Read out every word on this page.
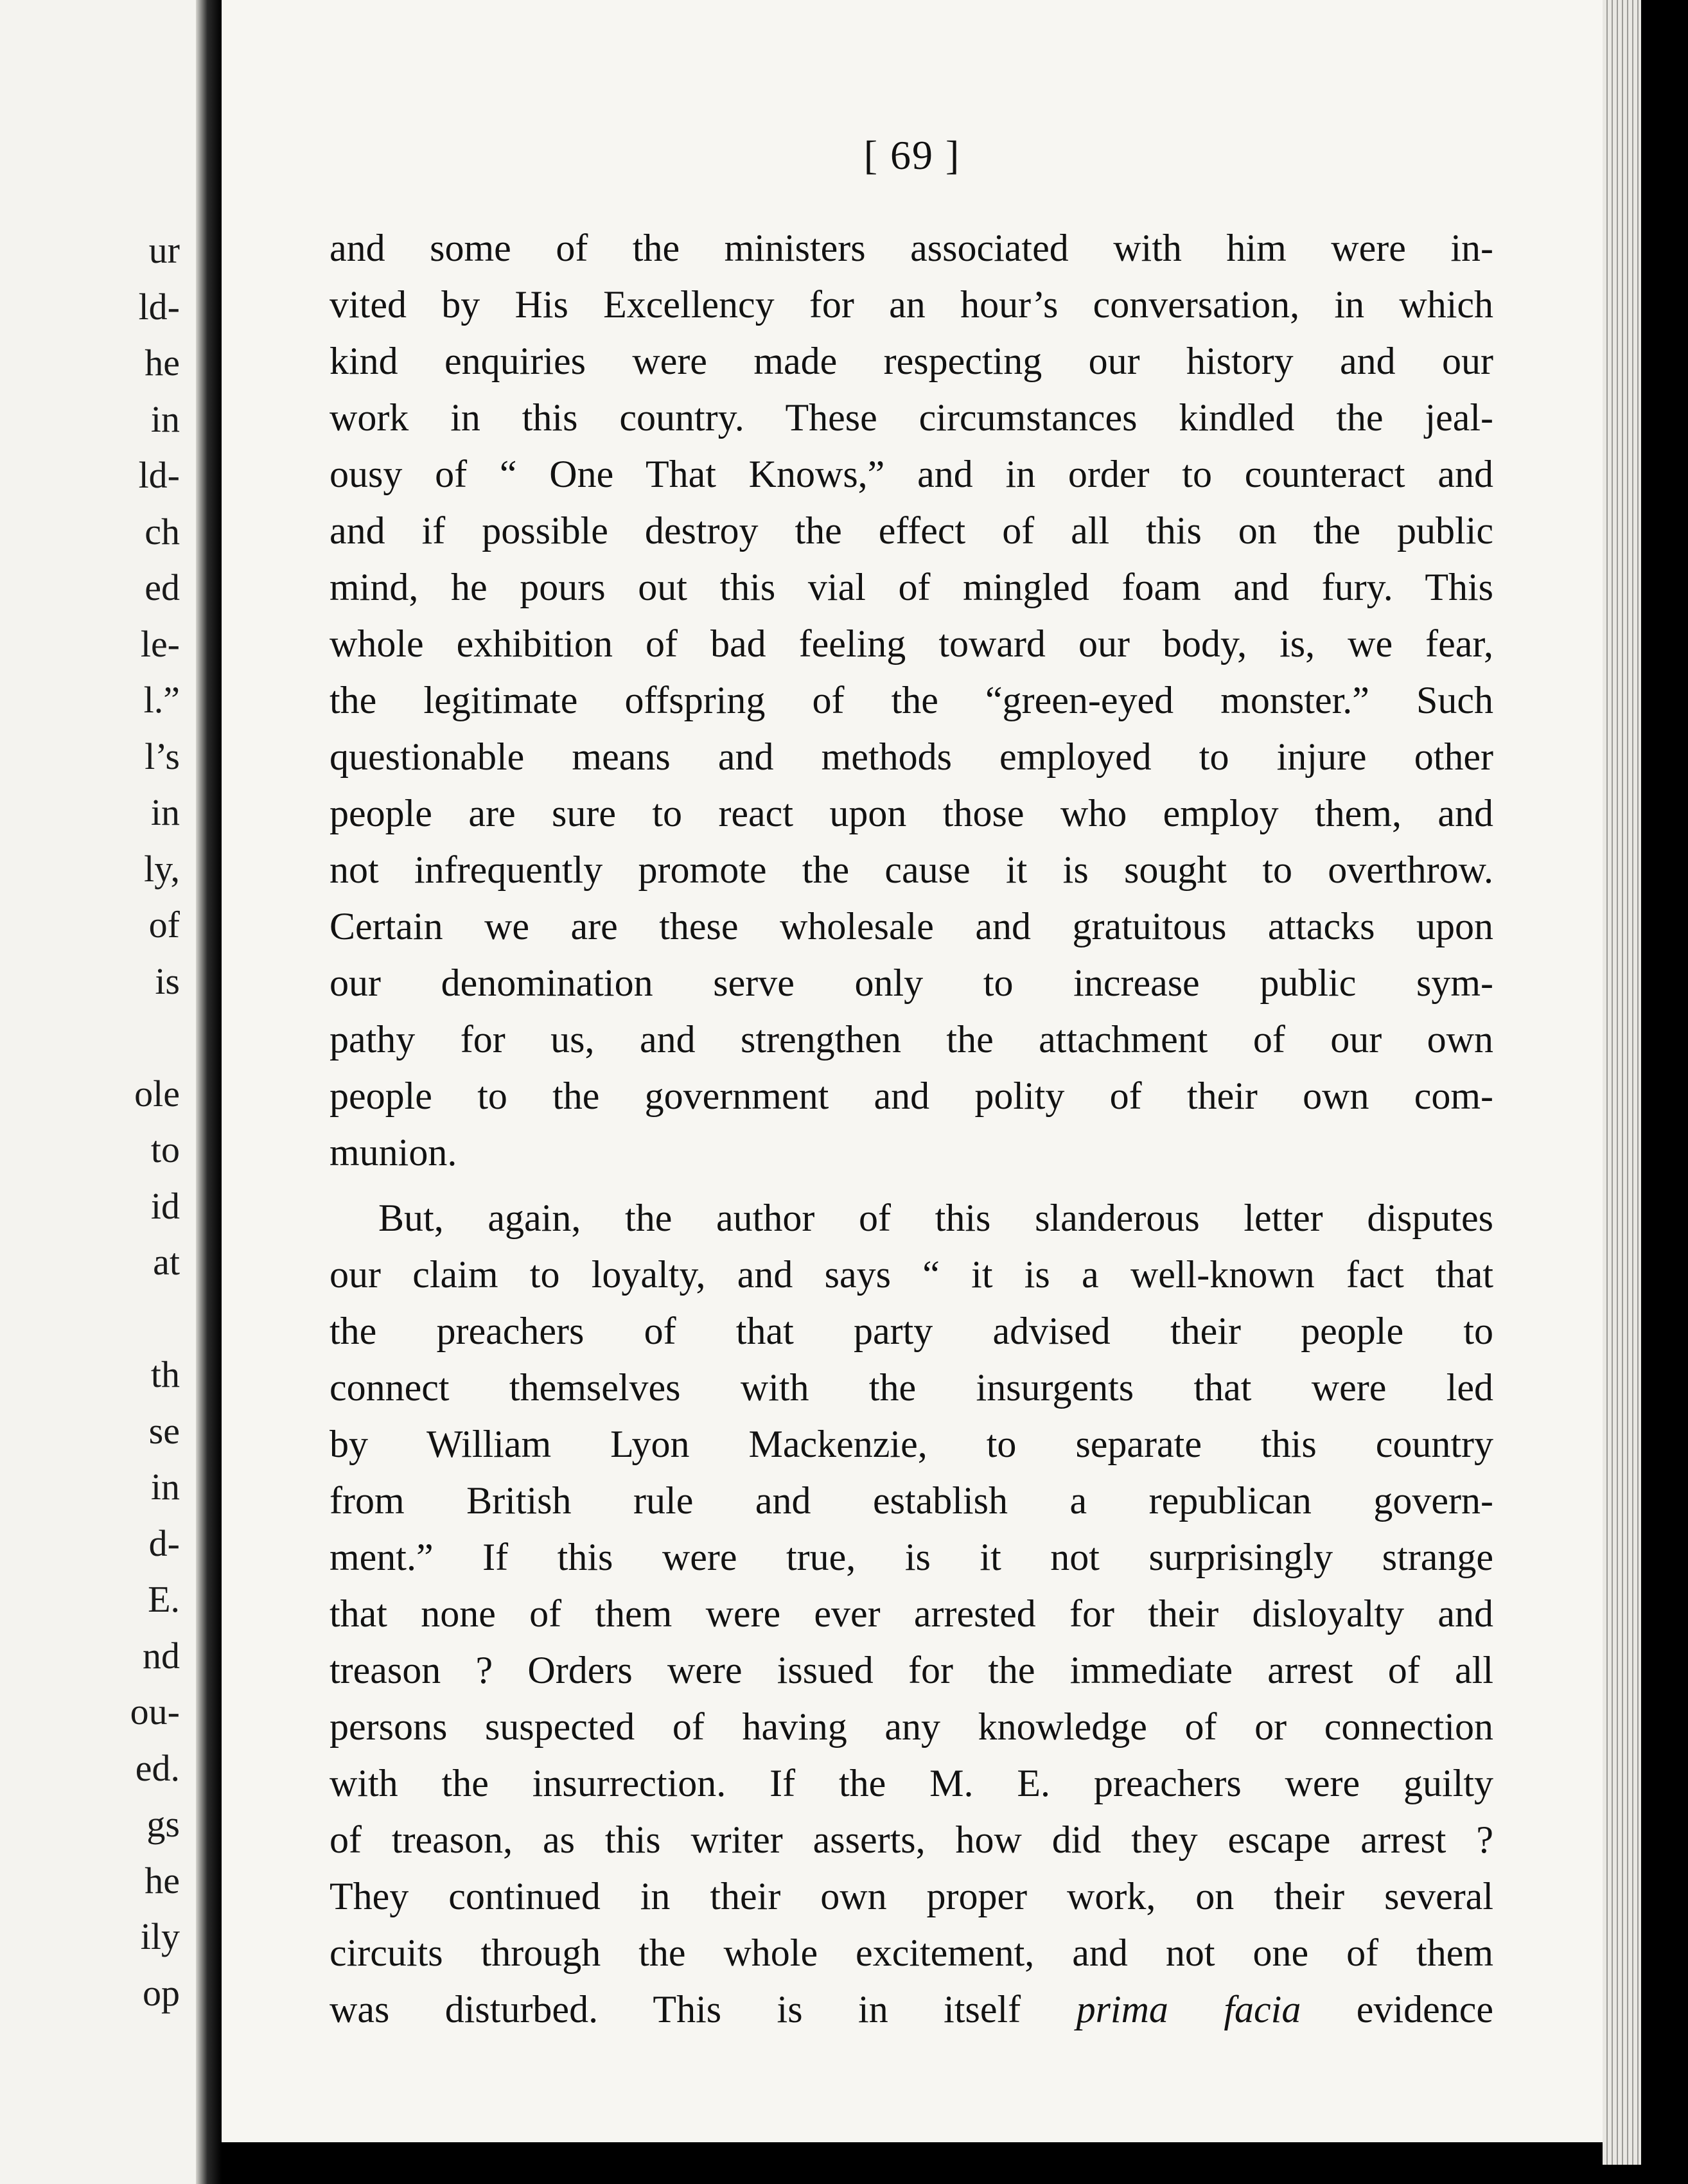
ur
ld-
he
in
ld-
ch
ed
le-
l.”
l’s
in
ly,
of
is
ole
to
id
at
th
se
in
d-
E.
nd
ou-
ed.
gs
he
ily
op
[ 69 ]
and some of the ministers associated with him were in-
vited by His Excellency for an hour’s conversation, in which
kind enquiries were made respecting our history and our
work in this country. These circumstances kindled the jeal-
ousy of “ One That Knows,” and in order to counteract and
and if possible destroy the effect of all this on the public
mind, he pours out this vial of mingled foam and fury. This
whole exhibition of bad feeling toward our body, is, we fear,
the legitimate offspring of the “green-eyed monster.” Such
questionable means and methods employed to injure other
people are sure to react upon those who employ them, and
not infrequently promote the cause it is sought to overthrow.
Certain we are these wholesale and gratuitous attacks upon
our denomination serve only to increase public sym-
pathy for us, and strengthen the attachment of our own
people to the government and polity of their own com-
munion.
But, again, the author of this slanderous letter disputes
our claim to loyalty, and says “ it is a well-known fact that
the preachers of that party advised their people to
connect themselves with the insurgents that were led
by William Lyon Mackenzie, to separate this country
from British rule and establish a republican govern-
ment.” If this were true, is it not surprisingly strange
that none of them were ever arrested for their disloyalty and
treason ? Orders were issued for the immediate arrest of all
persons suspected of having any knowledge of or connection
with the insurrection. If the M. E. preachers were guilty
of treason, as this writer asserts, how did they escape arrest ?
They continued in their own proper work, on their several
circuits through the whole excitement, and not one of them
was disturbed. This is in itself prima facia evidence
